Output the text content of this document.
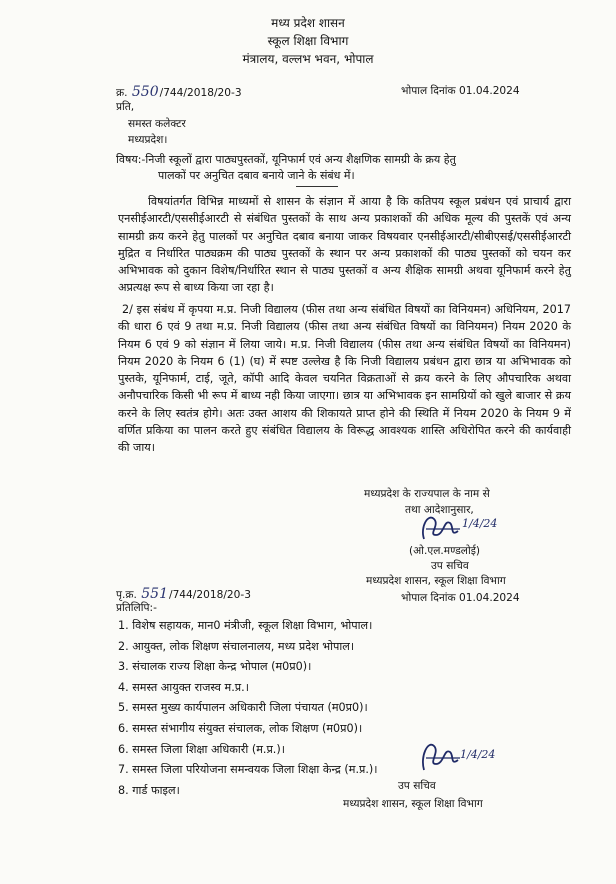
मध्य प्रदेश शासन
स्कूल शिक्षा विभाग
मंत्रालय, वल्लभ भवन, भोपाल
क्र. 550/744/2018/20-3	भोपाल दिनांक 01.04.2024
प्रति,
समस्त कलेक्टर
मध्यप्रदेश।
विषय:-निजी स्कूलों द्वारा पाठ्यपुस्तकों, यूनिफार्म एवं अन्य शैक्षणिक सामग्री के क्रय हेतु
पालकों पर अनुचित दबाव बनाये जाने के संबंध में।
विषयांतर्गत विभिन्न माध्यमों से शासन के संज्ञान में आया है कि कतिपय स्कूल प्रबंधन एवं प्राचार्य द्वारा एनसीईआरटी/एससीईआरटी से संबंधित पुस्तकों के साथ अन्य प्रकाशकों की अधिक मूल्य की पुस्तकें एवं अन्य सामग्री क्रय करने हेतु पालकों पर अनुचित दबाव बनाया जाकर विषयवार एनसीईआरटी/सीबीएसई/एससीईआरटी मुद्रित व निर्धारित पाठ्यक्रम की पाठ्य पुस्तकों के स्थान पर अन्य प्रकाशकों की पाठ्य पुस्तकों को चयन कर अभिभावक को दुकान विशेष/निर्धारित स्थान से पाठ्य पुस्तकों व अन्य शैक्षिक सामग्री अथवा यूनिफार्म करने हेतु अप्रत्यक्ष रूप से बाध्य किया जा रहा है।
2/ इस संबंध में कृपया म.प्र. निजी विद्यालय (फीस तथा अन्य संबंधित विषयों का विनियमन) अधिनियम, 2017 की धारा 6 एवं 9 तथा म.प्र. निजी विद्यालय (फीस तथा अन्य संबंधित विषयों का विनियमन) नियम 2020 के नियम 6 एवं 9 को संज्ञान में लिया जाये। म.प्र. निजी विद्यालय (फीस तथा अन्य संबंधित विषयों का विनियमन) नियम 2020 के नियम 6 (1) (घ) में स्पष्ट उल्लेख है कि निजी विद्यालय प्रबंधन द्वारा छात्र या अभिभावक को पुस्तके, यूनिफार्म, टाई, जूते, कॉपी आदि केवल चयनित विक्रताओं से क्रय करने के लिए औपचारिक अथवा अनौपचारिक किसी भी रूप में बाध्य नही किया जाएगा। छात्र या अभिभावक इन सामग्रियों को खुले बाजार से क्रय करने के लिए स्वतंत्र होगे। अतः उक्त आशय की शिकायते प्राप्त होने की स्थिति में नियम 2020 के नियम 9 में वर्णित प्रकिया का पालन करते हुए संबंधित विद्यालय के विरूद्ध आवश्यक शास्ति अधिरोपित करने की कार्यवाही की जाय।
मध्यप्रदेश के राज्यपाल के नाम से
तथा आदेशानुसार,
1/4/24
(ओ.एल.मण्डलोई)
उप सचिव
मध्यप्रदेश शासन, स्कूल शिक्षा विभाग
भोपाल दिनांक 01.04.2024
पृ.क्र. 551/744/2018/20-3
प्रतिलिपि:-
1. विशेष सहायक, मान0 मंत्रीजी, स्कूल शिक्षा विभाग, भोपाल।
2. आयुक्त, लोक शिक्षण संचालनालय, मध्य प्रदेश भोपाल।
3. संचालक राज्य शिक्षा केन्द्र भोपाल (म0प्र0)।
4. समस्त आयुक्त राजस्व म.प्र.।
5. समस्त मुख्य कार्यपालन अधिकारी जिला पंचायत (म0प्र0)।
6. समस्त संभागीय संयुक्त संचालक, लोक शिक्षण (म0प्र0)।
6. समस्त जिला शिक्षा अधिकारी (म.प्र.)।
7. समस्त जिला परियोजना समन्वयक जिला शिक्षा केन्द्र (म.प्र.)।
8. गार्ड फाइल।
1/4/24
उप सचिव
मध्यप्रदेश शासन, स्कूल शिक्षा विभाग
